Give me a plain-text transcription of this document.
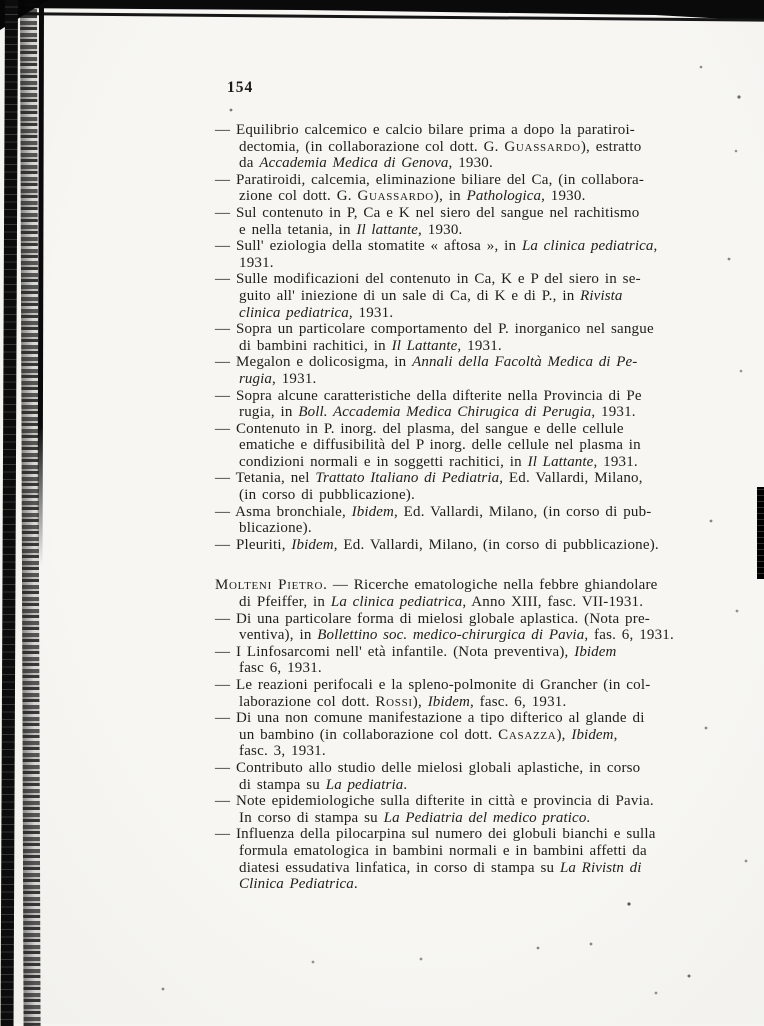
154
— Equilibrio calcemico e calcio bilare prima a dopo la paratiroi-
dectomia, (in collaborazione col dott. G. Guassardo), estratto
da Accademia Medica di Genova, 1930.
— Paratiroidi, calcemia, eliminazione biliare del Ca, (in collabora-
zione col dott. G. Guassardo), in Pathologica, 1930.
— Sul contenuto in P, Ca e K nel siero del sangue nel rachitismo
e nella tetania, in Il lattante, 1930.
— Sull' eziologia della stomatite « aftosa », in La clinica pediatrica,
1931.
— Sulle modificazioni del contenuto in Ca, K e P del siero in se-
guito all' iniezione di un sale di Ca, di K e di P., in Rivista
clinica pediatrica, 1931.
— Sopra un particolare comportamento del P. inorganico nel sangue
di bambini rachitici, in Il Lattante, 1931.
— Megalon e dolicosigma, in Annali della Facoltà Medica di Pe-
rugia, 1931.
— Sopra alcune caratteristiche della difterite nella Provincia di Pe
rugia, in Boll. Accademia Medica Chirugica di Perugia, 1931.
— Contenuto in P. inorg. del plasma, del sangue e delle cellule
ematiche e diffusibilità del P inorg. delle cellule nel plasma in
condizioni normali e in soggetti rachitici, in Il Lattante, 1931.
— Tetania, nel Trattato Italiano di Pediatria, Ed. Vallardi, Milano,
(in corso di pubblicazione).
— Asma bronchiale, Ibidem, Ed. Vallardi, Milano, (in corso di pub-
blicazione).
— Pleuriti, Ibidem, Ed. Vallardi, Milano, (in corso di pubblicazione).
Molteni Pietro. — Ricerche ematologiche nella febbre ghiandolare
di Pfeiffer, in La clinica pediatrica, Anno XIII, fasc. VII-1931.
— Di una particolare forma di mielosi globale aplastica. (Nota pre-
ventiva), in Bollettino soc. medico-chirurgica di Pavia, fas. 6, 1931.
— I Linfosarcomi nell' età infantile. (Nota preventiva), Ibidem
fasc 6, 1931.
— Le reazioni perifocali e la spleno-polmonite di Grancher (in col-
laborazione col dott. Rossi), Ibidem, fasc. 6, 1931.
— Di una non comune manifestazione a tipo difterico al glande di
un bambino (in collaborazione col dott. Casazza), Ibidem,
fasc. 3, 1931.
— Contributo allo studio delle mielosi globali aplastiche, in corso
di stampa su La pediatria.
— Note epidemiologiche sulla difterite in città e provincia di Pavia.
In corso di stampa su La Pediatria del medico pratico.
— Influenza della pilocarpina sul numero dei globuli bianchi e sulla
formula ematologica in bambini normali e in bambini affetti da
diatesi essudativa linfatica, in corso di stampa su La Rivistn di
Clinica Pediatrica.
